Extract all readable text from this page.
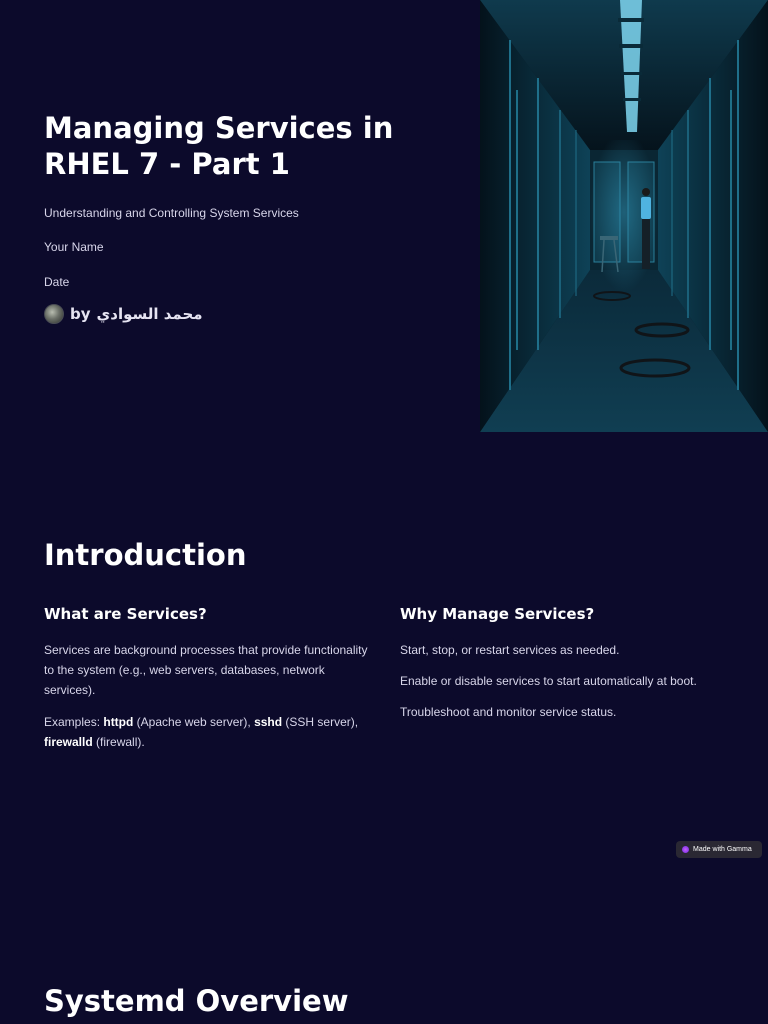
Managing Services in RHEL 7 - Part 1

Understanding and Controlling System Services

Your Name

Date

by محمد السوادي
Introduction
What are Services?

Services are background processes that provide functionality to the system (e.g., web servers, databases, network services).

Examples: httpd (Apache web server), sshd (SSH server), firewalld (firewall).

Why Manage Services?

Start, stop, or restart services as needed.

Enable or disable services to start automatically at boot.

Troubleshoot and monitor service status.

Made with Gamma
Systemd Overview
